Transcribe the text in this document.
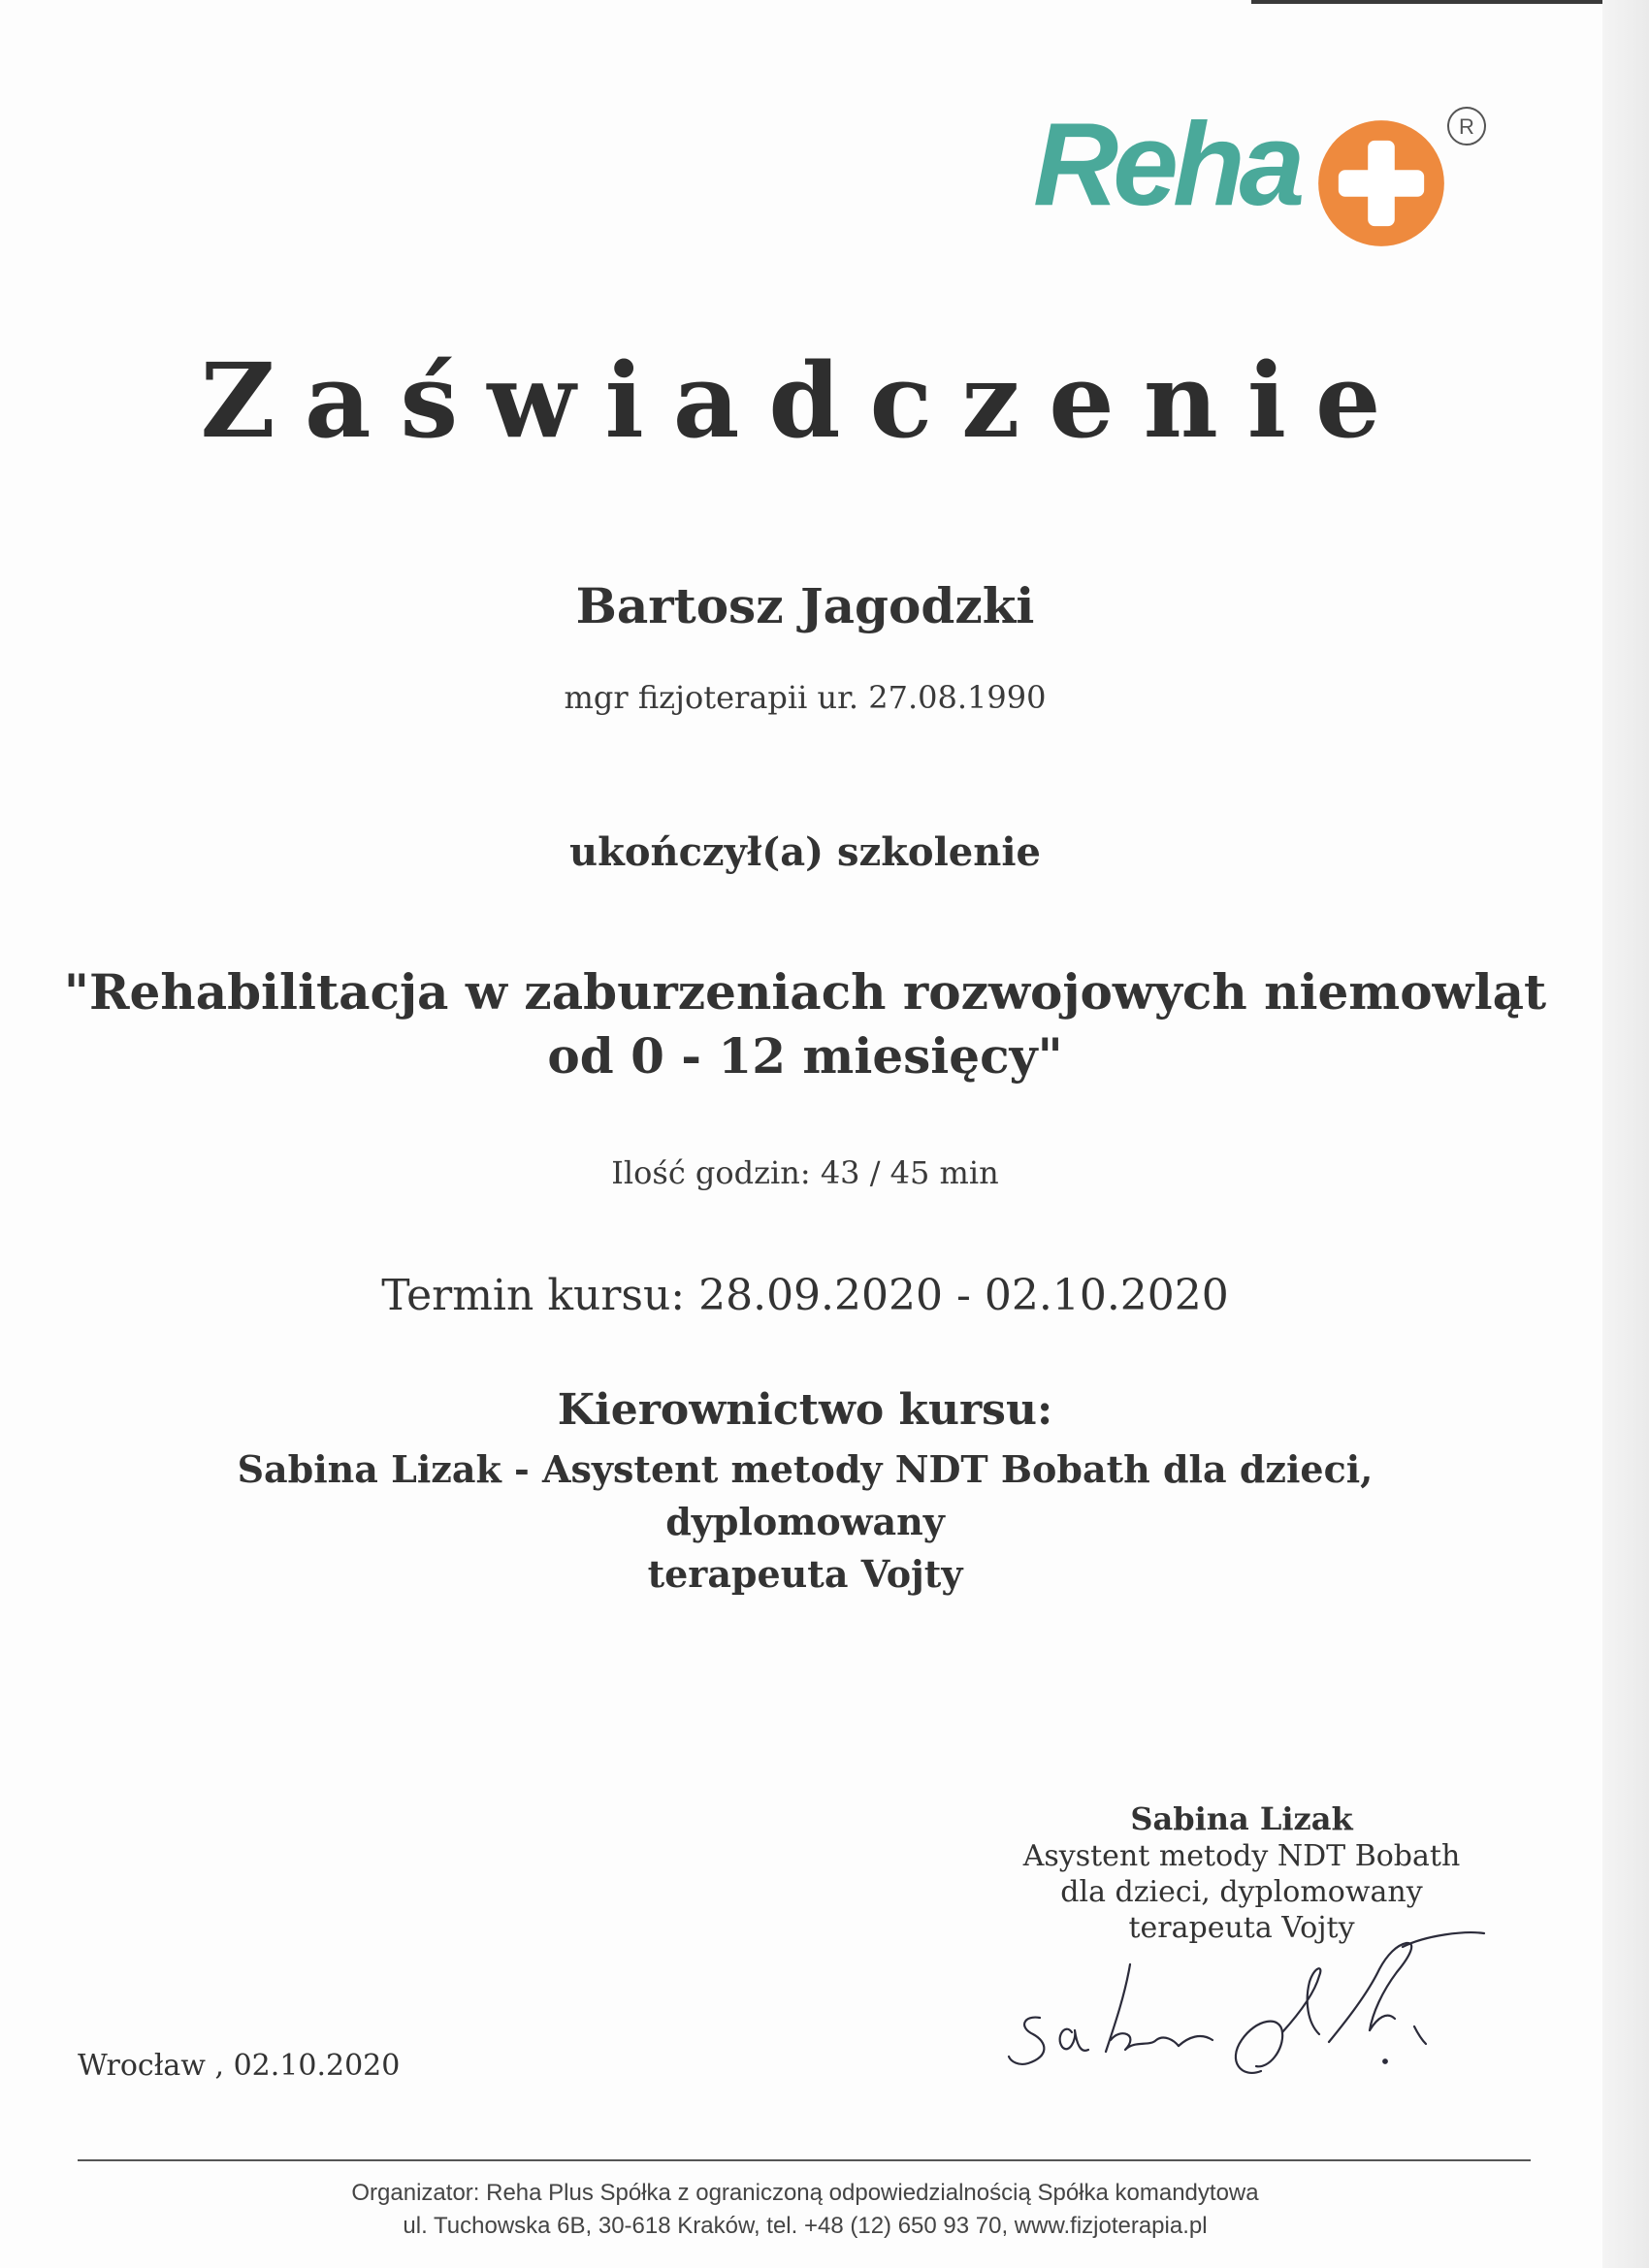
Reha	R
Zaświadczenie
Bartosz Jagodzki
mgr fizjoterapii ur. 27.08.1990
ukończył(a) szkolenie
"Rehabilitacja w zaburzeniach rozwojowych niemowląt
od 0 - 12 miesięcy"
Ilość godzin: 43 / 45 min
Termin kursu: 28.09.2020 - 02.10.2020
Kierownictwo kursu:
Sabina Lizak - Asystent metody NDT Bobath dla dzieci, dyplomowany
terapeuta Vojty
Sabina Lizak
Asystent metody NDT Bobath
dla dzieci, dyplomowany
terapeuta Vojty
Wrocław , 02.10.2020
Organizator: Reha Plus Spółka z ograniczoną odpowiedzialnością Spółka komandytowa
ul. Tuchowska 6B, 30-618 Kraków, tel. +48 (12) 650 93 70, www.fizjoterapia.pl
